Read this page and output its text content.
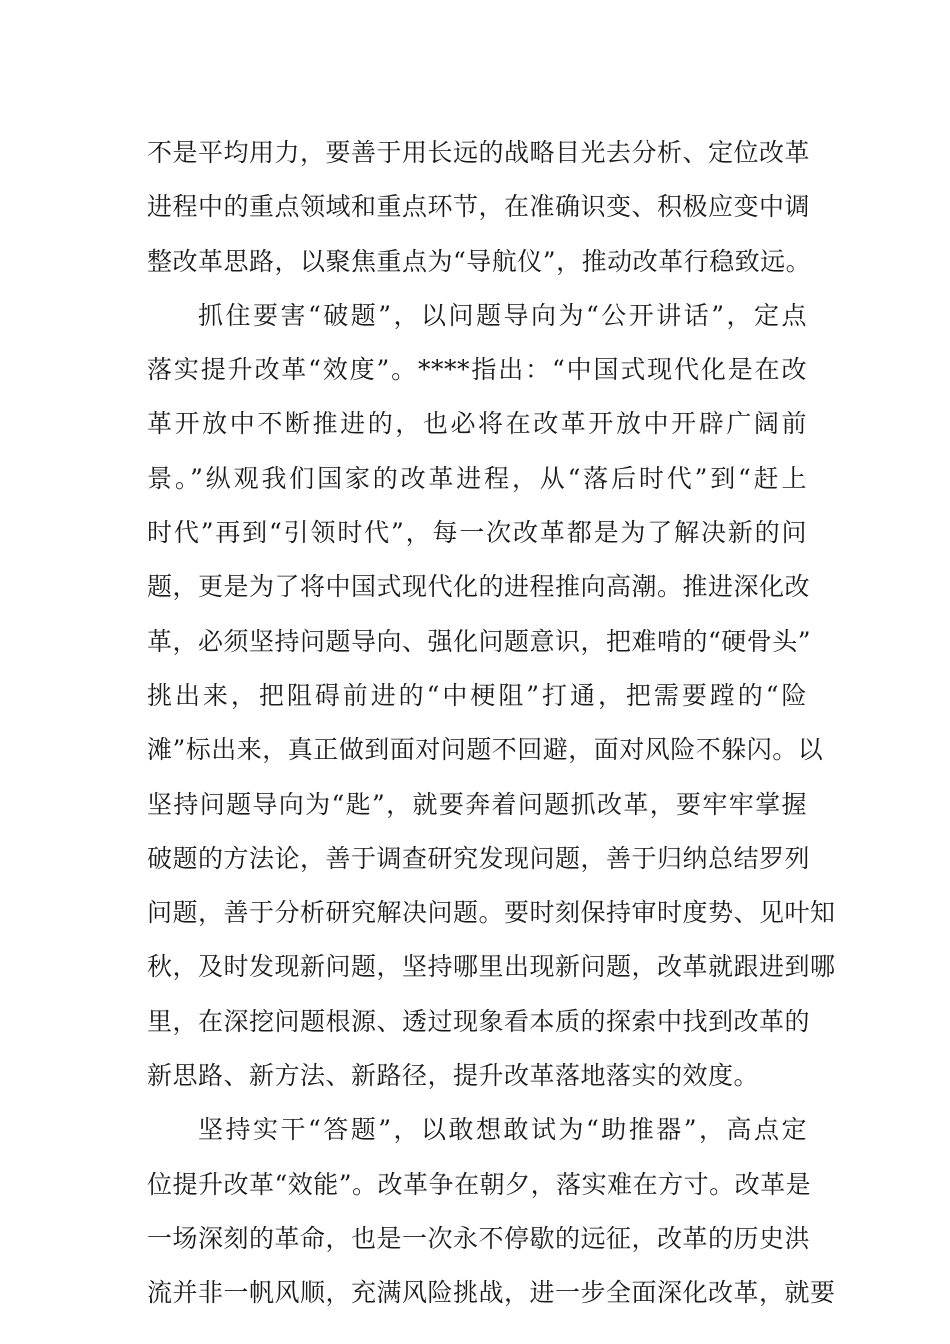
不是平均用力，要善于用长远的战略目光去分析、定位改革
进程中的重点领域和重点环节，在准确识变、积极应变中调
整改革思路，以聚焦重点为“导航仪”，推动改革行稳致远。
抓住要害“破题”，以问题导向为“公开讲话”，定点
落实提升改革“效度”。****指出：“中国式现代化是在改
革开放中不断推进的，也必将在改革开放中开辟广阔前
景。”纵观我们国家的改革进程，从“落后时代”到“赶上
时代”再到“引领时代”，每一次改革都是为了解决新的问
题，更是为了将中国式现代化的进程推向高潮。推进深化改
革，必须坚持问题导向、强化问题意识，把难啃的“硬骨头”
挑出来，把阻碍前进的“中梗阻”打通，把需要蹚的“险
滩”标出来，真正做到面对问题不回避，面对风险不躲闪。以
坚持问题导向为“匙”，就要奔着问题抓改革，要牢牢掌握
破题的方法论，善于调查研究发现问题，善于归纳总结罗列
问题，善于分析研究解决问题。要时刻保持审时度势、见叶知
秋，及时发现新问题，坚持哪里出现新问题，改革就跟进到哪
里，在深挖问题根源、透过现象看本质的探索中找到改革的
新思路、新方法、新路径，提升改革落地落实的效度。
坚持实干“答题”，以敢想敢试为“助推器”，高点定
位提升改革“效能”。改革争在朝夕，落实难在方寸。改革是
一场深刻的革命，也是一次永不停歇的远征，改革的历史洪
流并非一帆风顺，充满风险挑战，进一步全面深化改革，就要
